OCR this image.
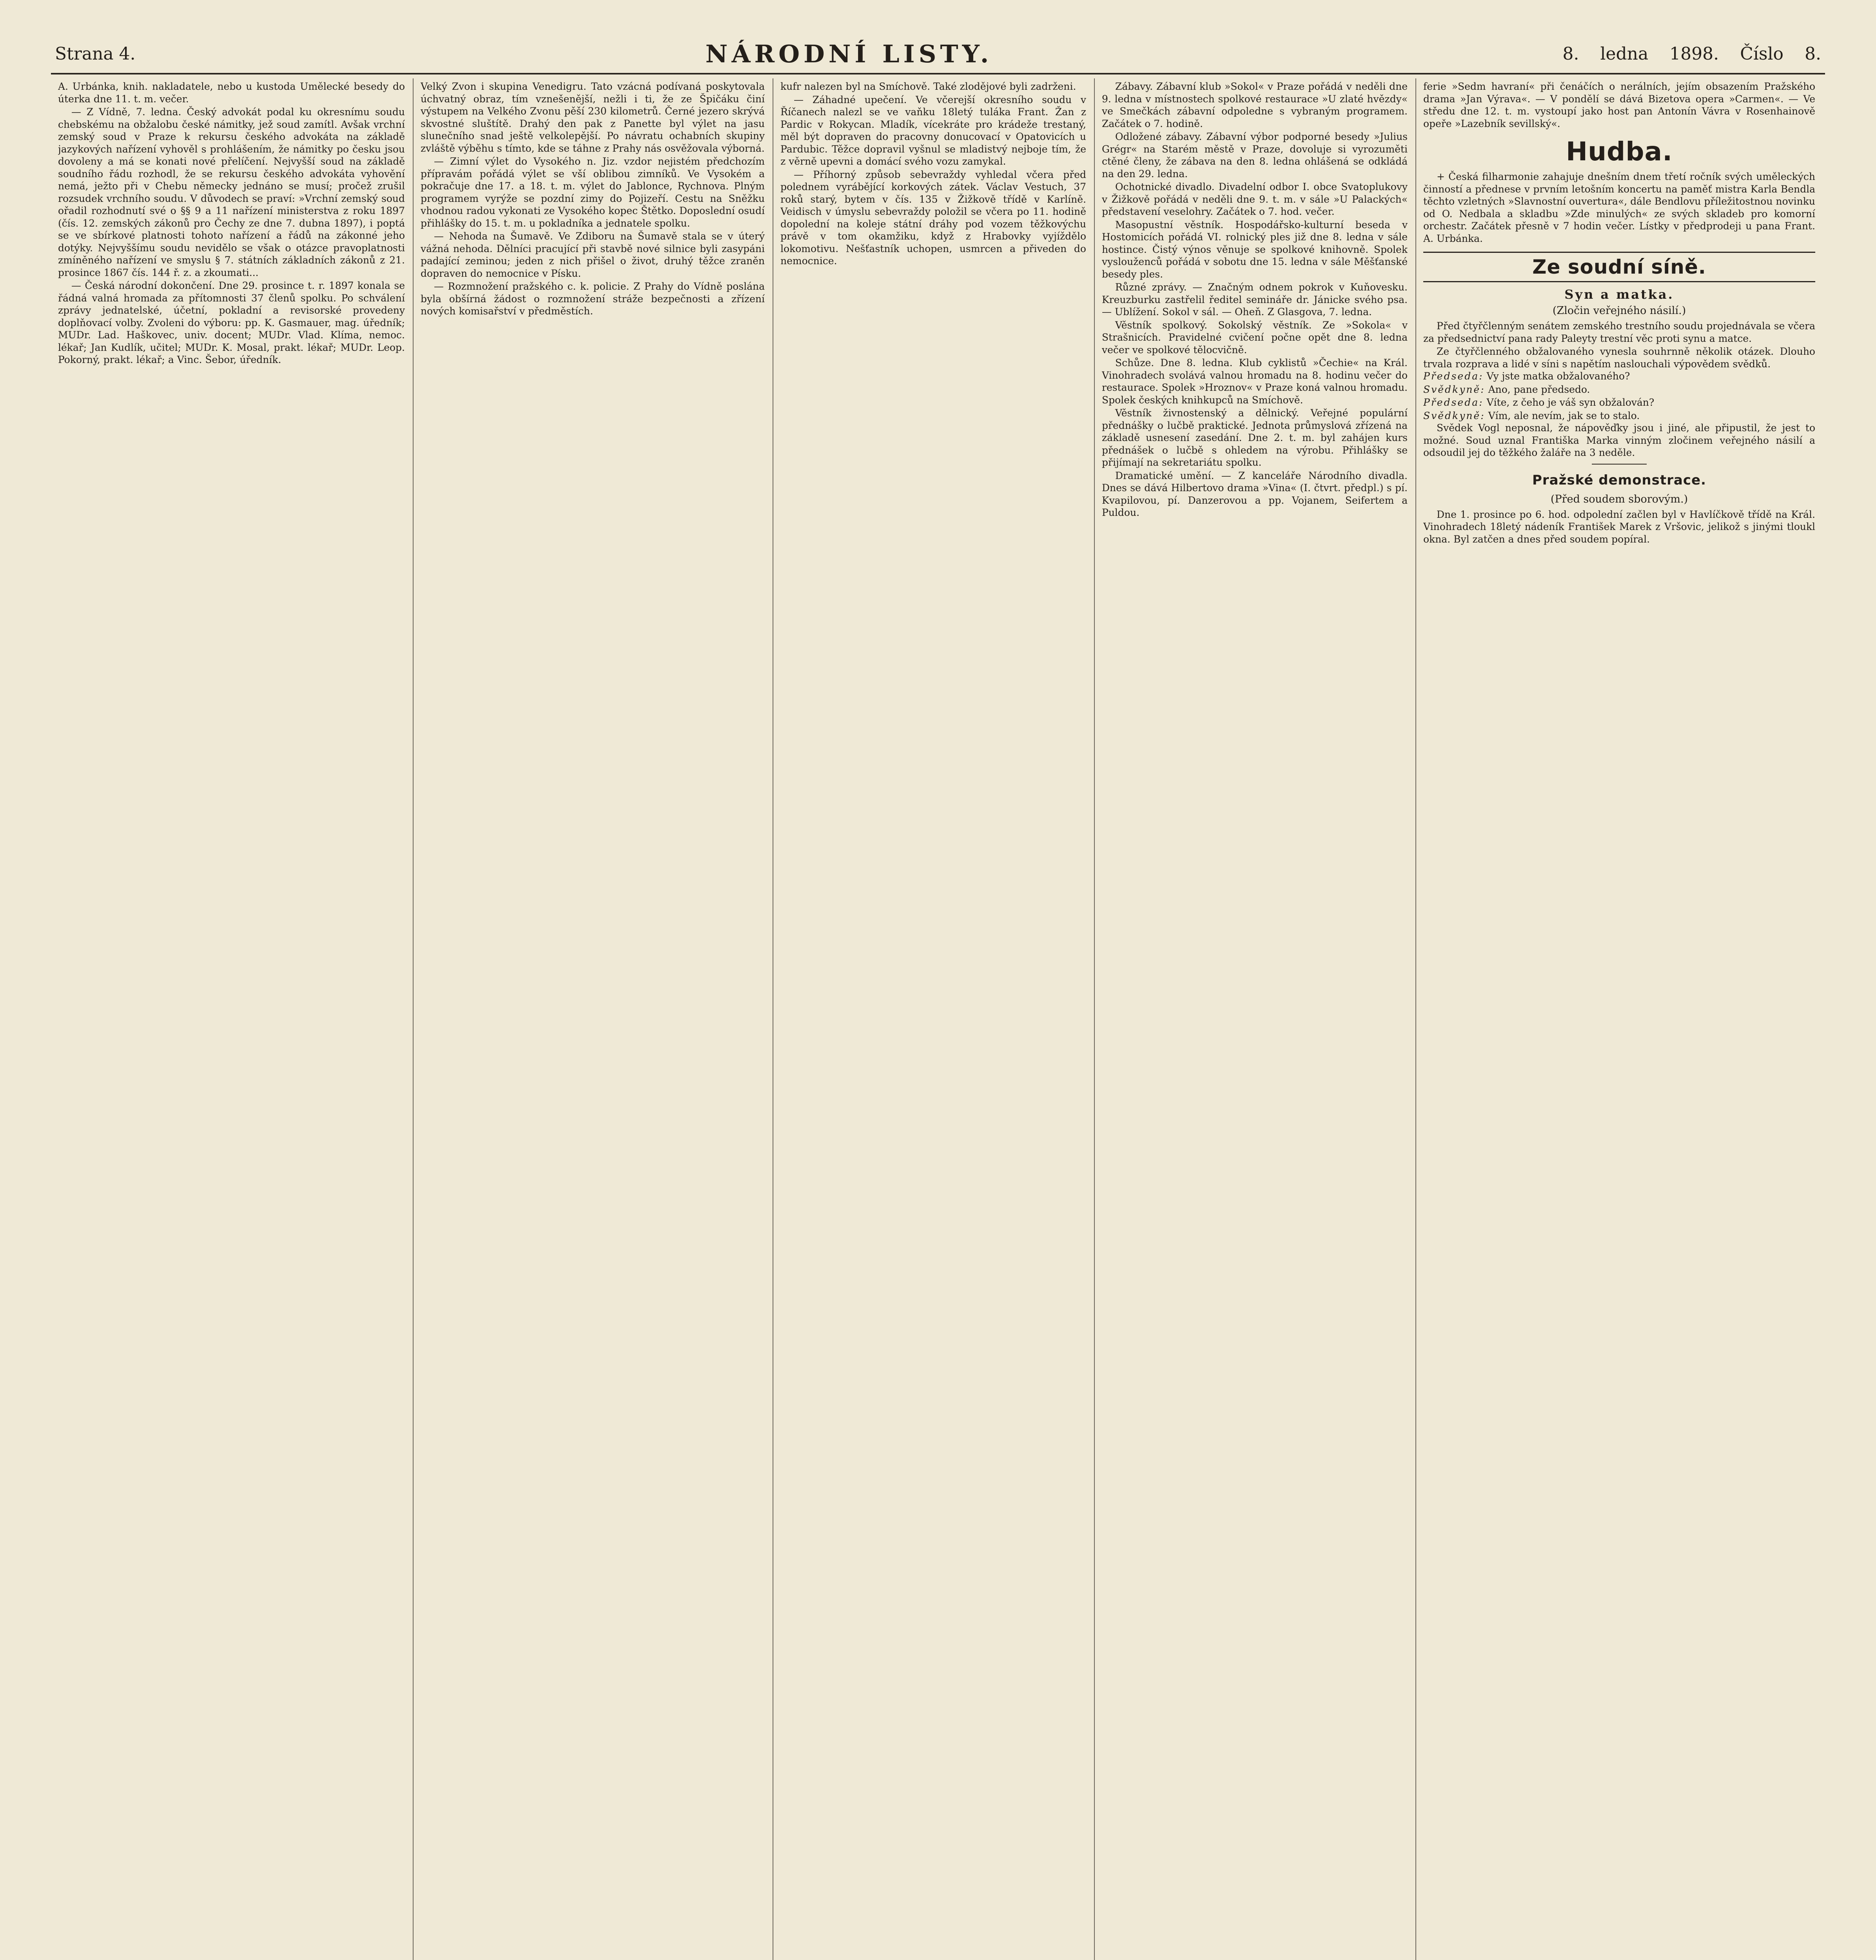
Strana 4.	NÁRODNÍ LISTY.	8. ledna 1898. Číslo 8.

A. Urbánka, knih. nakladatele, nebo u kustoda Umělecké besedy do úterka dne 11. t. m. večer.

— Z Vídně, 7. ledna. Český advokát podal ku okresnímu soudu chebskému na obžalobu české námitky, jež soud zamítl. Avšak vrchní zemský soud v Praze k rekursu českého advokáta na základě jazykových nařízení vyhověl s prohlášením, že námitky po česku jsou dovoleny a má se konati nové přelíčení. Nejvyšší soud na základě soudního řádu rozhodl, že se rekursu českého advokáta vyhovění nemá, ježto při v Chebu německy jednáno se musí; pročež zrušil rozsudek vrchního soudu. V důvodech se praví: »Vrchní zemský soud ořadil rozhodnutí své o §§ 9 a 11 nařízení ministerstva z roku 1897 (čís. 12. zemských zákonů pro Čechy ze dne 7. dubna 1897), i poptá se ve sbírkové platnosti tohoto nařízení a řádů na zákonné jeho dotýky. Nejvyššímu soudu nevidělo se však o otázce pravoplatnosti zmíněného nařízení ve smyslu § 7. státních základních zákonů z 21. prosince 1867 čís. 144 ř. z. a zkoumati...

— Česká národní dokončení. Dne 29. prosince t. r. 1897 konala se řádná valná hromada za přítomnosti 37 členů spolku. Po schválení zprávy jednatelské, účetní, pokladní a revisorské provedeny doplňovací volby. Zvoleni do výboru: pp. K. Gasmauer, mag. úředník; MUDr. Lad. Haškovec, univ. docent; MUDr. Vlad. Klíma, nemoc. lékař; Jan Kudlík, učitel; MUDr. K. Mosal, prakt. lékař; MUDr. Leop. Pokorný, prakt. lékař; a Vinc. Šebor, úředník.

Velký Zvon i skupina Venedigru. Tato vzácná podívaná poskytovala úchvatný obraz, tím vznešenější, nežli i ti, že ze Špičáku činí výstupem na Velkého Zvonu pěší 230 kilometrů. Černé jezero skrývá skvostné sluštítě. Drahý den pak z Panette byl výlet na jasu slunečního snad ještě velkolepější. Po návratu ochabních skupiny zvláště výběhu s tímto, kde se táhne z Prahy nás osvěžovala výborná.

— Zimní výlet do Vysokého n. Jiz. vzdor nejistém předchozím přípravám pořádá výlet se vší oblibou zimníků. Ve Vysokém a pokračuje dne 17. a 18. t. m. výlet do Jablonce, Rychnova. Plným programem vyrýže se pozdní zimy do Pojizeří. Cestu na Sněžku vhodnou radou vykonati ze Vysokého kopec Štětko. Doposlední osudí přihlášky do 15. t. m. u pokladníka a jednatele spolku.

— Nehoda na Šumavě. Ve Zdiboru na Šumavě stala se v úterý vážná nehoda. Dělníci pracující při stavbě nové silnice byli zasypáni padající zeminou; jeden z nich přišel o život, druhý těžce zraněn dopraven do nemocnice v Písku.

— Rozmnožení pražského c. k. policie. Z Prahy do Vídně poslána byla obšírná žádost o rozmnožení stráže bezpečnosti a zřízení nových komisařství v předměstích.

kufr nalezen byl na Smíchově. Také zlodějové byli zadrženi.

— Záhadné upečení. Ve včerejší okresního soudu v Říčanech nalezl se ve vaňku 18letý tuláka Frant. Žan z Pardic v Rokycan. Mladík, vícekráte pro krádeže trestaný, měl být dopraven do pracovny donucovací v Opatovicích u Pardubic. Těžce dopravil vyšnul se mladistvý nejboje tím, že z věrně upevni a domácí svého vozu zamykal.

— Příhorný způsob sebevraždy vyhledal včera před polednem vyrábějící korkových zátek. Václav Vestuch, 37 roků starý, bytem v čís. 135 v Žižkově třídě v Karlíně. Veidisch v úmyslu sebevraždy položil se včera po 11. hodině dopolední na koleje státní dráhy pod vozem těžkovýchu právě v tom okamžiku, když z Hrabovky vyjíždělo lokomotivu. Nešťastník uchopen, usmrcen a přiveden do nemocnice.

Zábavy. Zábavní klub »Sokol« v Praze pořádá v neděli dne 9. ledna v místnostech spolkové restaurace »U zlaté hvězdy« ve Smečkách zábavní odpoledne s vybraným programem. Začátek o 7. hodině.

Odložené zábavy. Zábavní výbor podporné besedy »Julius Grégr« na Starém městě v Praze, dovoluje si vyrozuměti ctěné členy, že zábava na den 8. ledna ohlášená se odkládá na den 29. ledna.

Ochotnické divadlo. Divadelní odbor I. obce Svatoplukovy v Žižkově pořádá v neděli dne 9. t. m. v sále »U Palackých« představení veselohry. Začátek o 7. hod. večer.

Masopustní věstník. Hospodářsko-kulturní beseda v Hostomicích pořádá VI. rolnický ples již dne 8. ledna v sále hostince. Čistý výnos věnuje se spolkové knihovně. Spolek vyslouženců pořádá v sobotu dne 15. ledna v sále Měšťanské besedy ples.

Různé zprávy. — Značným odnem pokrok v Kuňovesku. Kreuzburku zastřelil ředitel semináře dr. Jánicke svého psa. — Ublížení. Sokol v sál. — Oheň. Z Glasgova, 7. ledna.

Věstník spolkový. Sokolský věstník. Ze »Sokola« v Strašnicích. Pravidelné cvičení počne opět dne 8. ledna večer ve spolkové tělocvičně.

Schůze. Dne 8. ledna. Klub cyklistů »Čechie« na Král. Vinohradech svolává valnou hromadu na 8. hodinu večer do restaurace. Spolek »Hroznov« v Praze koná valnou hromadu. Spolek českých knihkupců na Smíchově.

Věstník živnostenský a dělnický. Veřejné populární přednášky o lučbě praktické. Jednota průmyslová zřízená na základě usnesení zasedání. Dne 2. t. m. byl zahájen kurs přednášek o lučbě s ohledem na výrobu. Přihlášky se přijímají na sekretariátu spolku.

Dramatické umění. — Z kanceláře Národního divadla. Dnes se dává Hilbertovo drama »Vina« (I. čtvrt. předpl.) s pí. Kvapilovou, pí. Danzerovou a pp. Vojanem, Seifertem a Puldou.

ferie »Sedm havraní« při čenáčích o nerálních, jejím obsazením Pražského drama »Jan Výrava«. — V pondělí se dává Bizetova opera »Carmen«. — Ve středu dne 12. t. m. vystoupí jako host pan Antonín Vávra v Rosenhainově opeře »Lazebník sevillský«.

Hudba.

+ Česká filharmonie zahajuje dnešním dnem třetí ročník svých uměleckých činností a přednese v prvním letošním koncertu na paměť mistra Karla Bendla těchto vzletných »Slavnostní ouvertura«, dále Bendlovu příležitostnou novinku od O. Nedbala a skladbu »Zde minulých« ze svých skladeb pro komorní orchestr. Začátek přesně v 7 hodin večer. Lístky v předprodeji u pana Frant. A. Urbánka.

Ze soudní síně.
Syn a matka.
(Zločin veřejného násilí.)

Před čtyřčlenným senátem zemského trestního soudu projednávala se včera za předsednictví pana rady Paleyty trestní věc proti synu a matce.

Ze čtyřčlenného obžalovaného vynesla souhrnně několik otázek. Dlouho trvala rozprava a lidé v síni s napětím naslouchali výpovědem svědků.

Předseda: Vy jste matka obžalovaného?

Svědkyně: Ano, pane předsedo.

Předseda: Víte, z čeho je váš syn obžalován?

Svědkyně: Vím, ale nevím, jak se to stalo.

Svědek Vogl neposnal, že nápověďky jsou i jiné, ale připustil, že jest to možné. Soud uznal Františka Marka vinným zločinem veřejného násilí a odsoudil jej do těžkého žaláře na 3 neděle.

Pražské demonstrace.
(Před soudem sborovým.)

Dne 1. prosince po 6. hod. odpolední začlen byl v Havlíčkově třídě na Král. Vinohradech 18letý nádeník František Marek z Vršovic, jelikož s jinými tloukl okna. Byl zatčen a dnes před soudem popíral.
